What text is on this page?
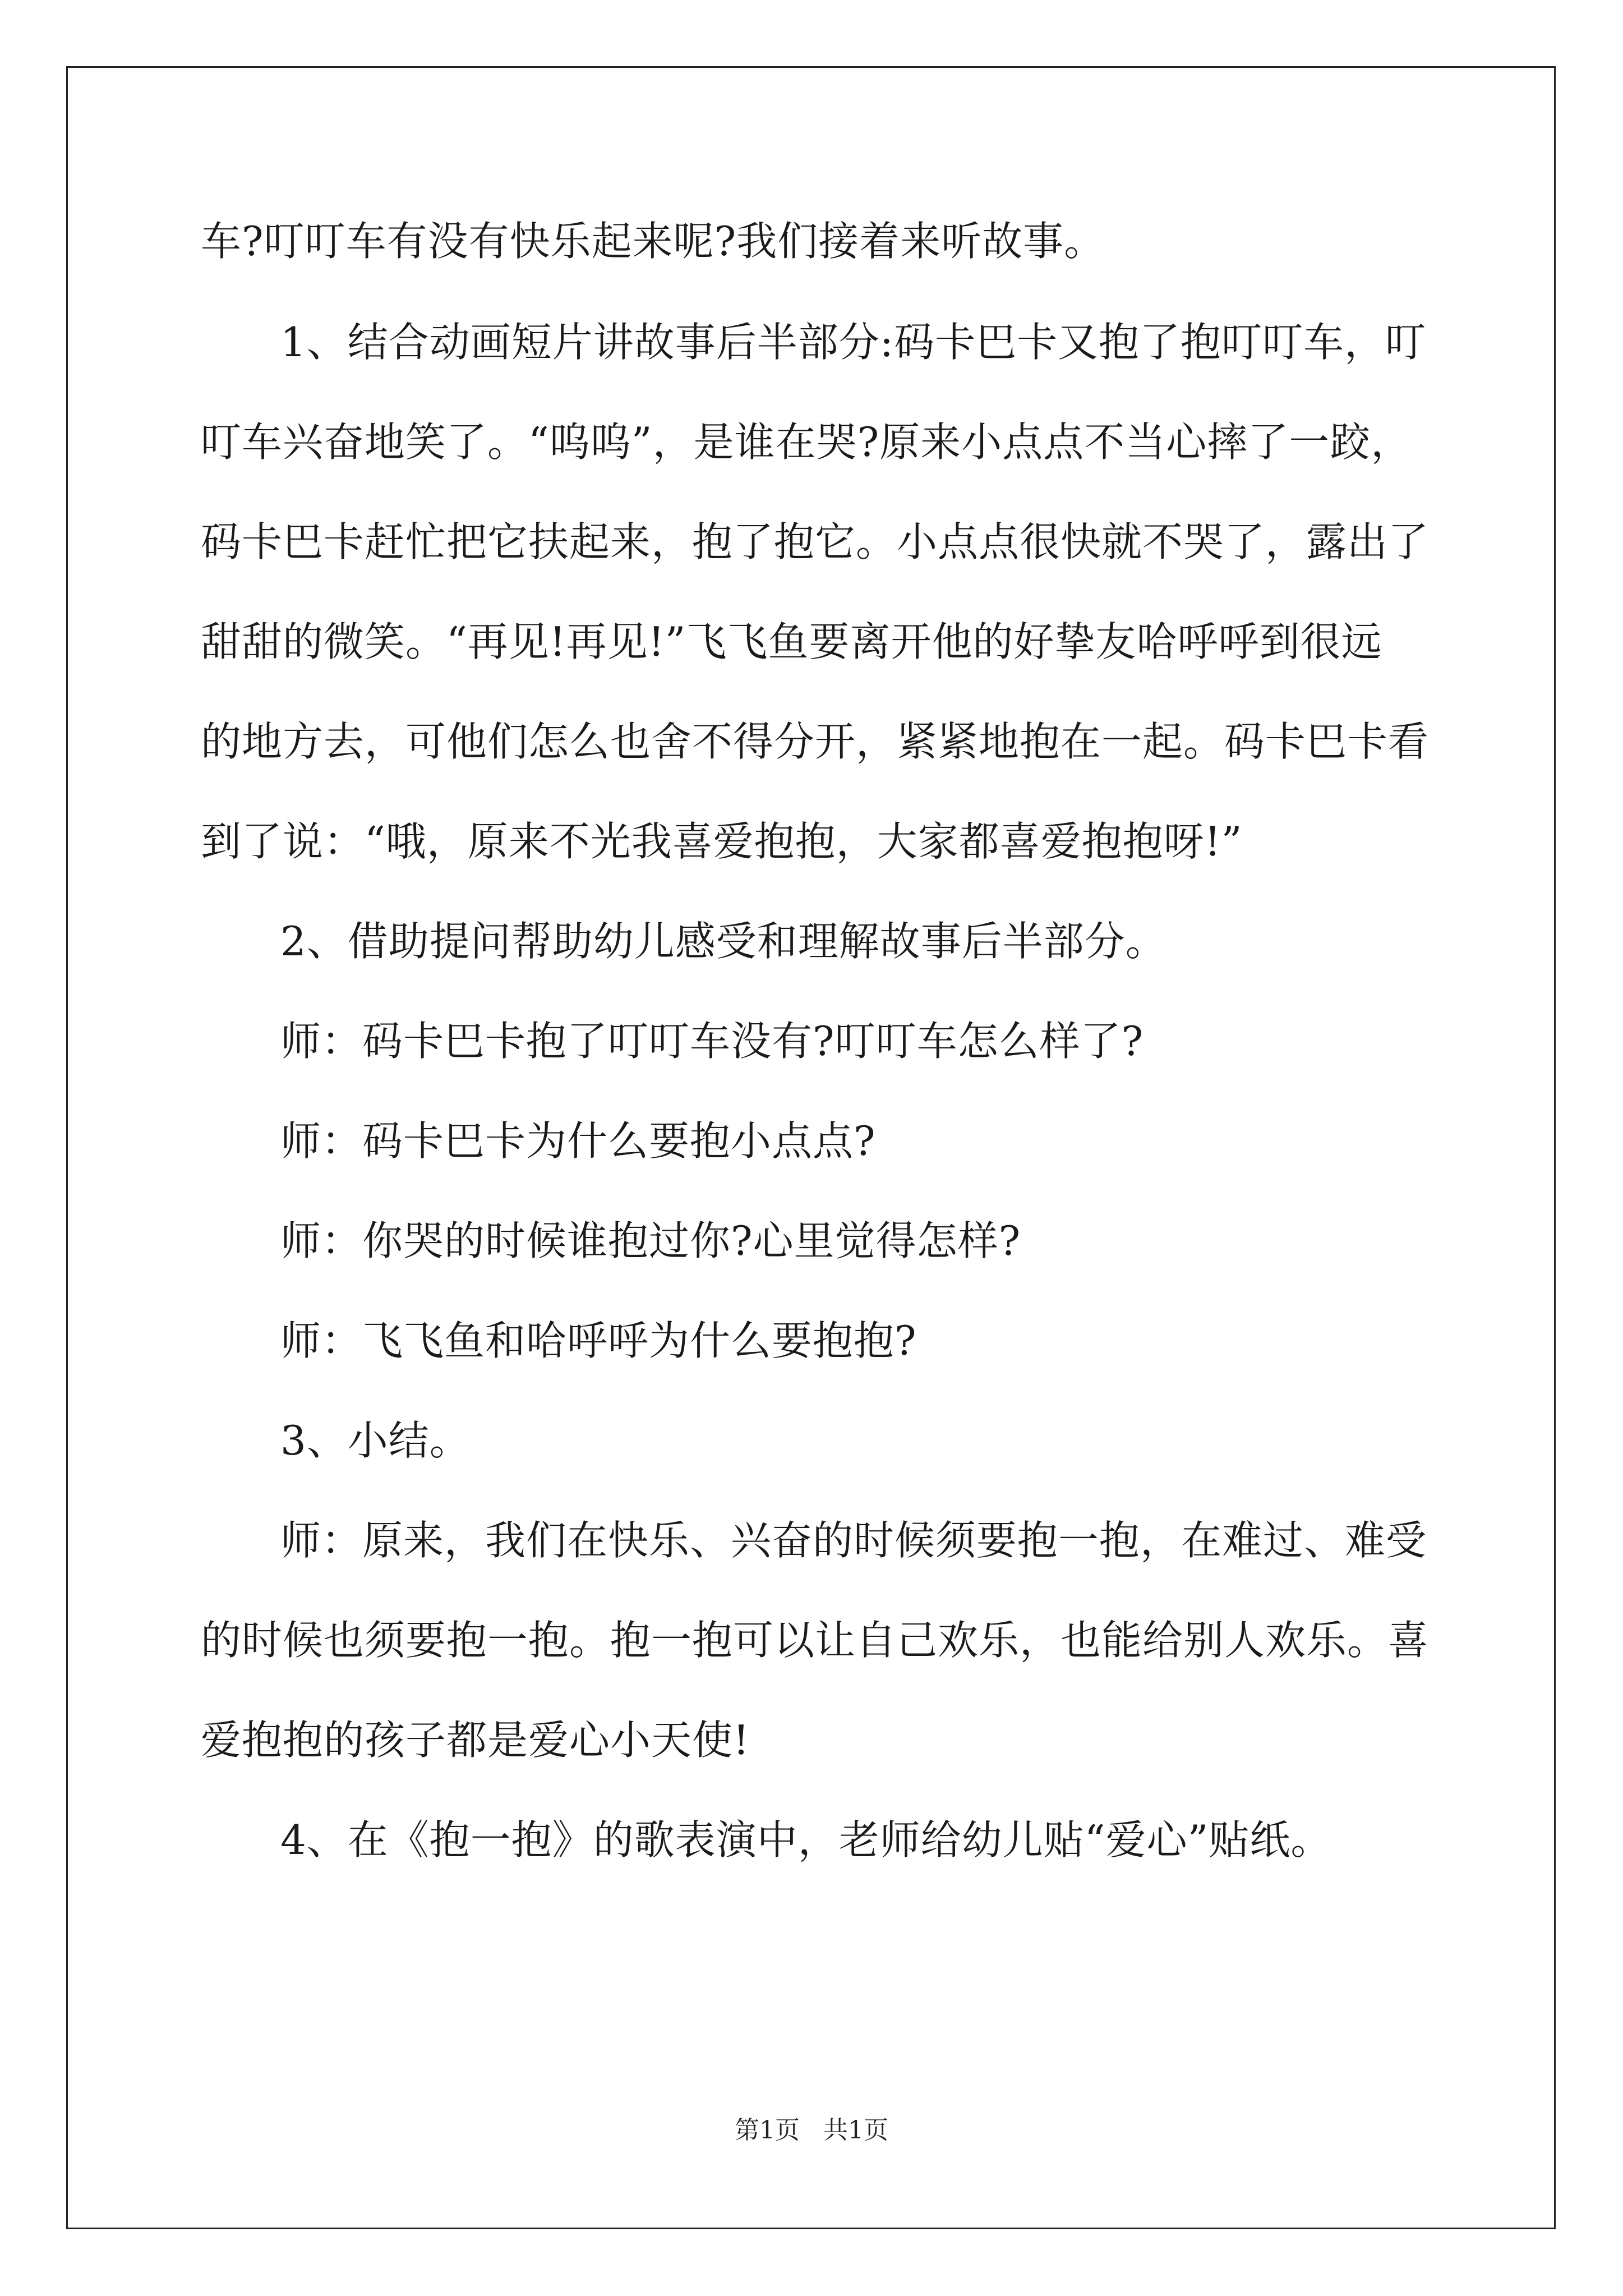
车?叮叮车有没有快乐起来呢?我们接着来听故事。
1、结合动画短片讲故事后半部分:码卡巴卡又抱了抱叮叮车，叮
叮车兴奋地笑了。“呜呜”，是谁在哭?原来小点点不当心摔了一跤，
码卡巴卡赶忙把它扶起来，抱了抱它。小点点很快就不哭了，露出了
甜甜的微笑。“再见!再见!”飞飞鱼要离开他的好挚友哈呼呼到很远
的地方去，可他们怎么也舍不得分开，紧紧地抱在一起。码卡巴卡看
到了说：“哦，原来不光我喜爱抱抱，大家都喜爱抱抱呀!”
2、借助提问帮助幼儿感受和理解故事后半部分。
师：码卡巴卡抱了叮叮车没有?叮叮车怎么样了?
师：码卡巴卡为什么要抱小点点?
师：你哭的时候谁抱过你?心里觉得怎样?
师：飞飞鱼和哈呼呼为什么要抱抱?
3、小结。
师：原来，我们在快乐、兴奋的时候须要抱一抱，在难过、难受
的时候也须要抱一抱。抱一抱可以让自己欢乐，也能给别人欢乐。喜
爱抱抱的孩子都是爱心小天使!
4、在《抱一抱》的歌表演中，老师给幼儿贴“爱心”贴纸。
第1页 共1页
